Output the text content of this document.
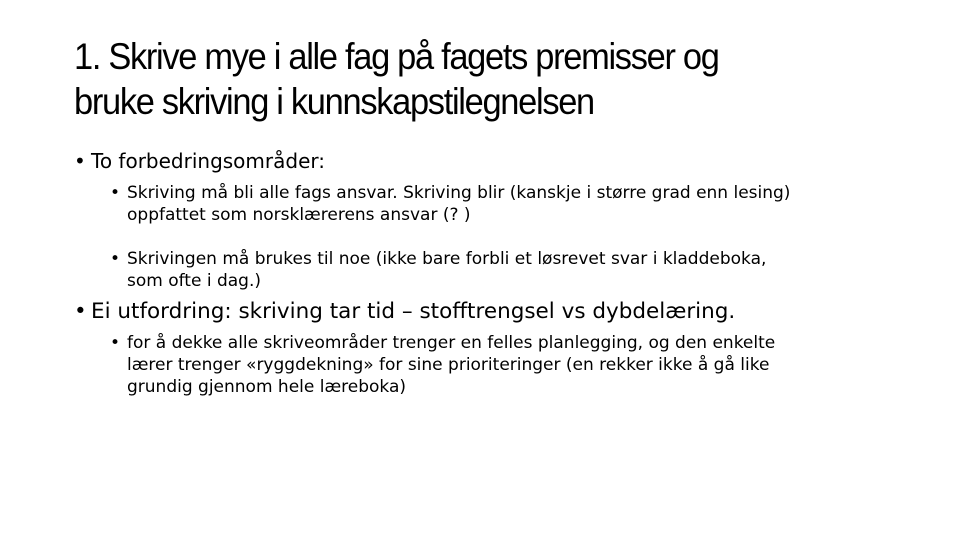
1. Skrive mye i alle fag på fagets premisser og
bruke skriving i kunnskapstilegnelsen
• To forbedringsområder:
• Skriving må bli alle fags ansvar. Skriving blir (kanskje i større grad enn lesing)
oppfattet som norsklærerens ansvar (? )
• Skrivingen må brukes til noe (ikke bare forbli et løsrevet svar i kladdeboka,
som ofte i dag.)
• Ei utfordring: skriving tar tid – stofftrengsel vs dybdelæring.
• for å dekke alle skriveområder trenger en felles planlegging, og den enkelte
lærer trenger «ryggdekning» for sine prioriteringer (en rekker ikke å gå like
grundig gjennom hele læreboka)
